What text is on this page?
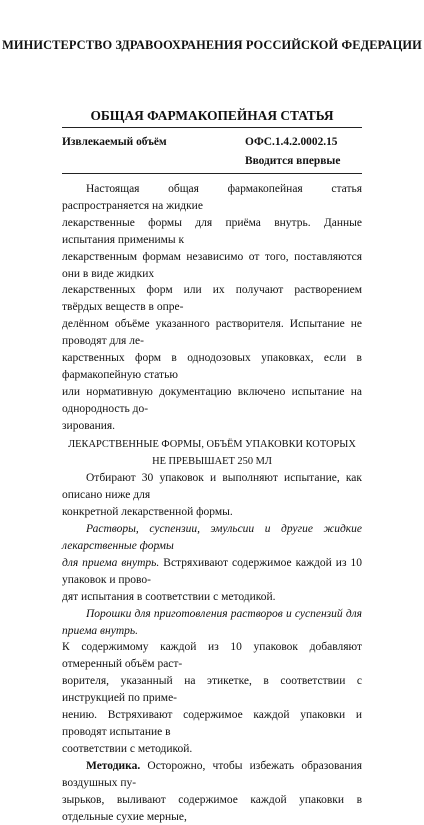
МИНИСТЕРСТВО ЗДРАВООХРАНЕНИЯ РОССИЙСКОЙ ФЕДЕРАЦИИ
ОБЩАЯ ФАРМАКОПЕЙНАЯ СТАТЬЯ
Извлекаемый объём	ОФС.1.4.2.0002.15
Вводится впервые

Настоящая общая фармакопейная статья распространяется на жидкие
лекарственные формы для приёма внутрь. Данные испытания применимы к
лекарственным формам независимо от того, поставляются они в виде жидких
лекарственных форм или их получают растворением твёрдых веществ в опре-
делённом объёме указанного растворителя. Испытание не проводят для ле-
карственных форм в однодозовых упаковках, если в фармакопейную статью
или нормативную документацию включено испытание на однородность до-
зирования.

ЛЕКАРСТВЕННЫЕ ФОРМЫ, ОБЪЁМ УПАКОВКИ КОТОРЫХ
НЕ ПРЕВЫШАЕТ 250 МЛ

Отбирают 30 упаковок и выполняют испытание, как описано ниже для
конкретной лекарственной формы.

Растворы, суспензии, эмульсии и другие жидкие лекарственные формы
для приема внутрь. Встряхивают содержимое каждой из 10 упаковок и прово-
дят испытания в соответствии с методикой.

Порошки для приготовления растворов и суспензий для приема внутрь.
К содержимому каждой из 10 упаковок добавляют отмеренный объём раст-
ворителя, указанный на этикетке, в соответствии с инструкцией по приме-
нению. Встряхивают содержимое каждой упаковки и проводят испытание в
соответствии с методикой.

Методика. Осторожно, чтобы избежать образования воздушных пу-
зырьков, выливают содержимое каждой упаковки в отдельные сухие мерные,
